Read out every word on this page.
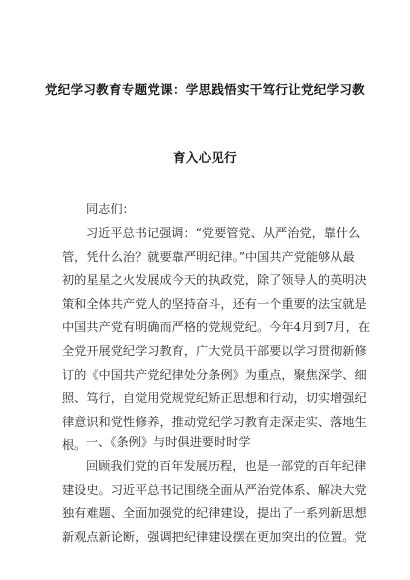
党纪学习教育专题党课：学思践悟实干笃行让党纪学习教
育入心见行
同志们：
习近平总书记强调：“党要管党、从严治党，靠什么
管，凭什么治？就要靠严明纪律。”中国共产党能够从最
初的星星之火发展成今天的执政党，除了领导人的英明决
策和全体共产党人的坚持奋斗，还有一个重要的法宝就是
中国共产党有明确而严格的党规党纪。今年4月到7月，在
全党开展党纪学习教育，广大党员干部要以学习贯彻新修
订的《中国共产党纪律处分条例》为重点，聚焦深学、细
照、笃行，自觉用党规党纪矫正思想和行动，切实增强纪
律意识和党性修养，推动党纪学习教育走深走实、落地生
根。 一、《条例》与时俱进要时时学
回顾我们党的百年发展历程，也是一部党的百年纪律
建设史。习近平总书记围绕全面从严治党体系、解决大党
独有难题、全面加强党的纪律建设，提出了一系列新思想
新观点新论断，强调把纪律建设摆在更加突出的位置。党
